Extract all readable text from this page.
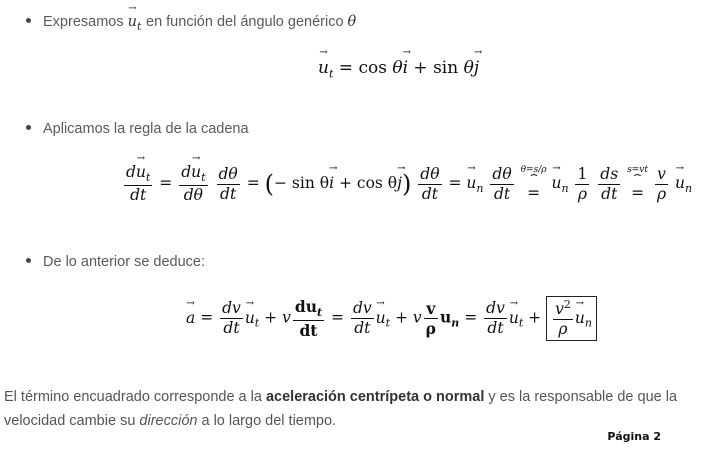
Expresamos → $u_t$ en función del ángulo genérico θ
→ $u_t = \cos \theta\to i + \sin \theta\to j$
Aplicamos la regla de la cadena
$\frac{d\to u_t}{dt} = \frac{d\to u_t}{d\theta}$
$\frac{d\theta}{dt}$ = (− $\sin \theta\to i + \cos \theta\to j) \frac{d\theta}{dt}$ = → $u_n \frac{d\theta}{dt}$
θ=s/ρ
⏟
= → $u_n \frac{1}{\rho}$
$\frac{ds}{dt}$
s=vt
⏟
= $\frac{v}{\rho}$
→ $u_n$
De lo anterior se deduce:
→ $a = \frac{dv}{dt}$
→ $u_t + v \frac{du_t}{dt} = \frac{dv}{dt}$
→ $u_t + v \frac{v}{\rho} u_n = \frac{dv}{dt}$
→ $u_t + \frac{v^2}{\rho}$
→ $u_n$
El término encuadrado corresponde a la aceleración centrípeta o normal y es la responsable de que la velocidad cambie su dirección a lo largo del tiempo.
Página 2
